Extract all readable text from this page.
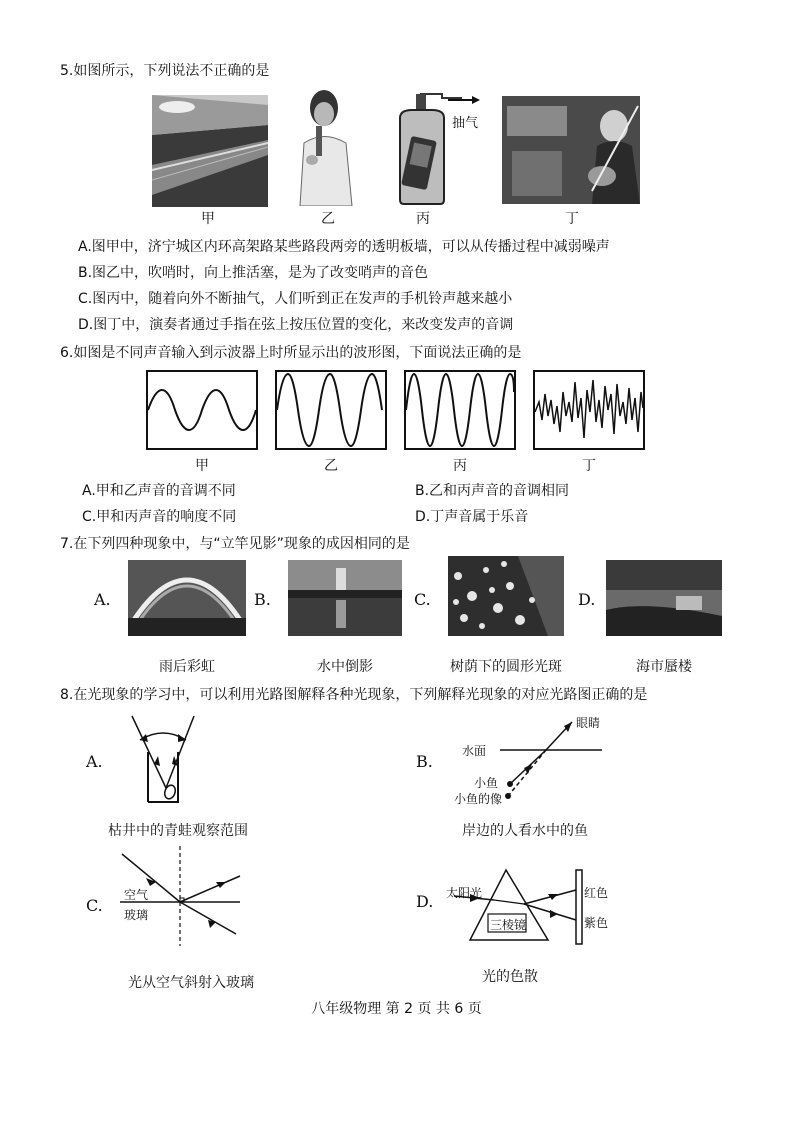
5.如图所示，下列说法不正确的是
抽气
甲	乙	丙	丁
A.图甲中，济宁城区内环高架路某些路段两旁的透明板墙，可以从传播过程中减弱噪声
B.图乙中，吹哨时，向上推活塞，是为了改变哨声的音色
C.图丙中，随着向外不断抽气，人们听到正在发声的手机铃声越来越小
D.图丁中，演奏者通过手指在弦上按压位置的变化，来改变发声的音调
6.如图是不同声音输入到示波器上时所显示出的波形图，下面说法正确的是
甲	乙	丙	丁
A.甲和乙声音的音调不同	B.乙和丙声音的音调相同
C.甲和丙声音的响度不同	D.丁声音属于乐音
7.在下列四种现象中，与“立竿见影”现象的成因相同的是
A.	B.	C.	D.
雨后彩虹	水中倒影	树荫下的圆形光斑	海市蜃楼
8.在光现象的学习中，可以利用光路图解释各种光现象，下列解释光现象的对应光路图正确的是
A.
枯井中的青蛙观察范围
B.
眼睛
水面
小鱼
小鱼的像
岸边的人看水中的鱼
C.
空气
玻璃
光从空气斜射入玻璃
D. 太阳光
三棱镜
红色
紫色
光的色散
八年级物理 第 2 页 共 6 页
